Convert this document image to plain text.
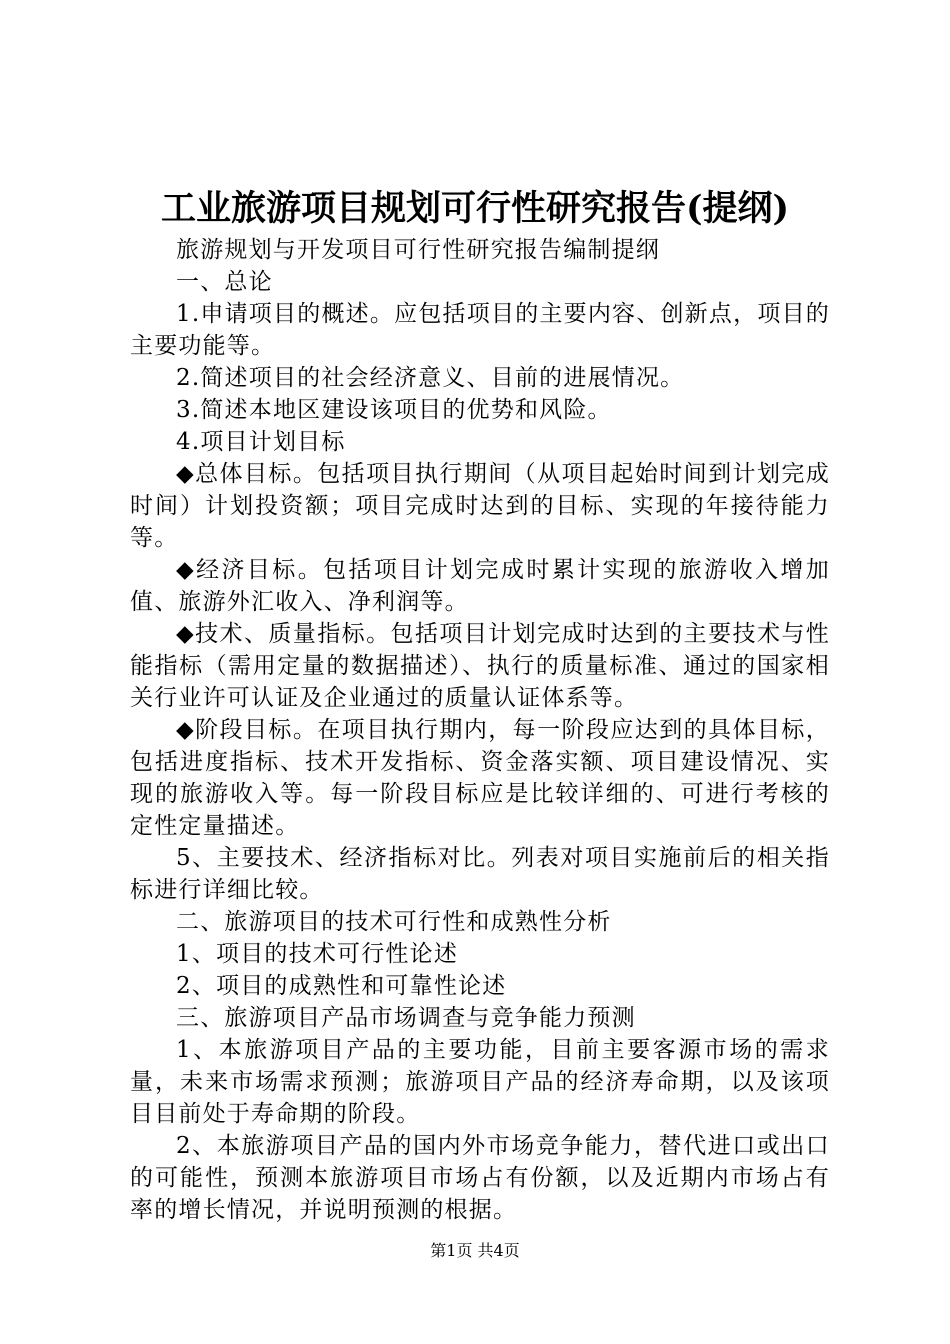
工业旅游项目规划可行性研究报告(提纲)

旅游规划与开发项目可行性研究报告编制提纲

一、总论

1.申请项目的概述。应包括项目的主要内容、创新点，项目的主要功能等。

2.简述项目的社会经济意义、目前的进展情况。

3.简述本地区建设该项目的优势和风险。

4.项目计划目标

◆总体目标。包括项目执行期间（从项目起始时间到计划完成时间）计划投资额；项目完成时达到的目标、实现的年接待能力等。

◆经济目标。包括项目计划完成时累计实现的旅游收入增加值、旅游外汇收入、净利润等。

◆技术、质量指标。包括项目计划完成时达到的主要技术与性能指标（需用定量的数据描述）、执行的质量标准、通过的国家相关行业许可认证及企业通过的质量认证体系等。

◆阶段目标。在项目执行期内，每一阶段应达到的具体目标，包括进度指标、技术开发指标、资金落实额、项目建设情况、实现的旅游收入等。每一阶段目标应是比较详细的、可进行考核的定性定量描述。

5、主要技术、经济指标对比。列表对项目实施前后的相关指标进行详细比较。

二、旅游项目的技术可行性和成熟性分析

1、项目的技术可行性论述

2、项目的成熟性和可靠性论述

三、旅游项目产品市场调查与竞争能力预测

1、本旅游项目产品的主要功能，目前主要客源市场的需求量，未来市场需求预测；旅游项目产品的经济寿命期，以及该项目目前处于寿命期的阶段。

2、本旅游项目产品的国内外市场竞争能力，替代进口或出口的可能性，预测本旅游项目市场占有份额，以及近期内市场占有率的增长情况，并说明预测的根据。

第1页 共4页
